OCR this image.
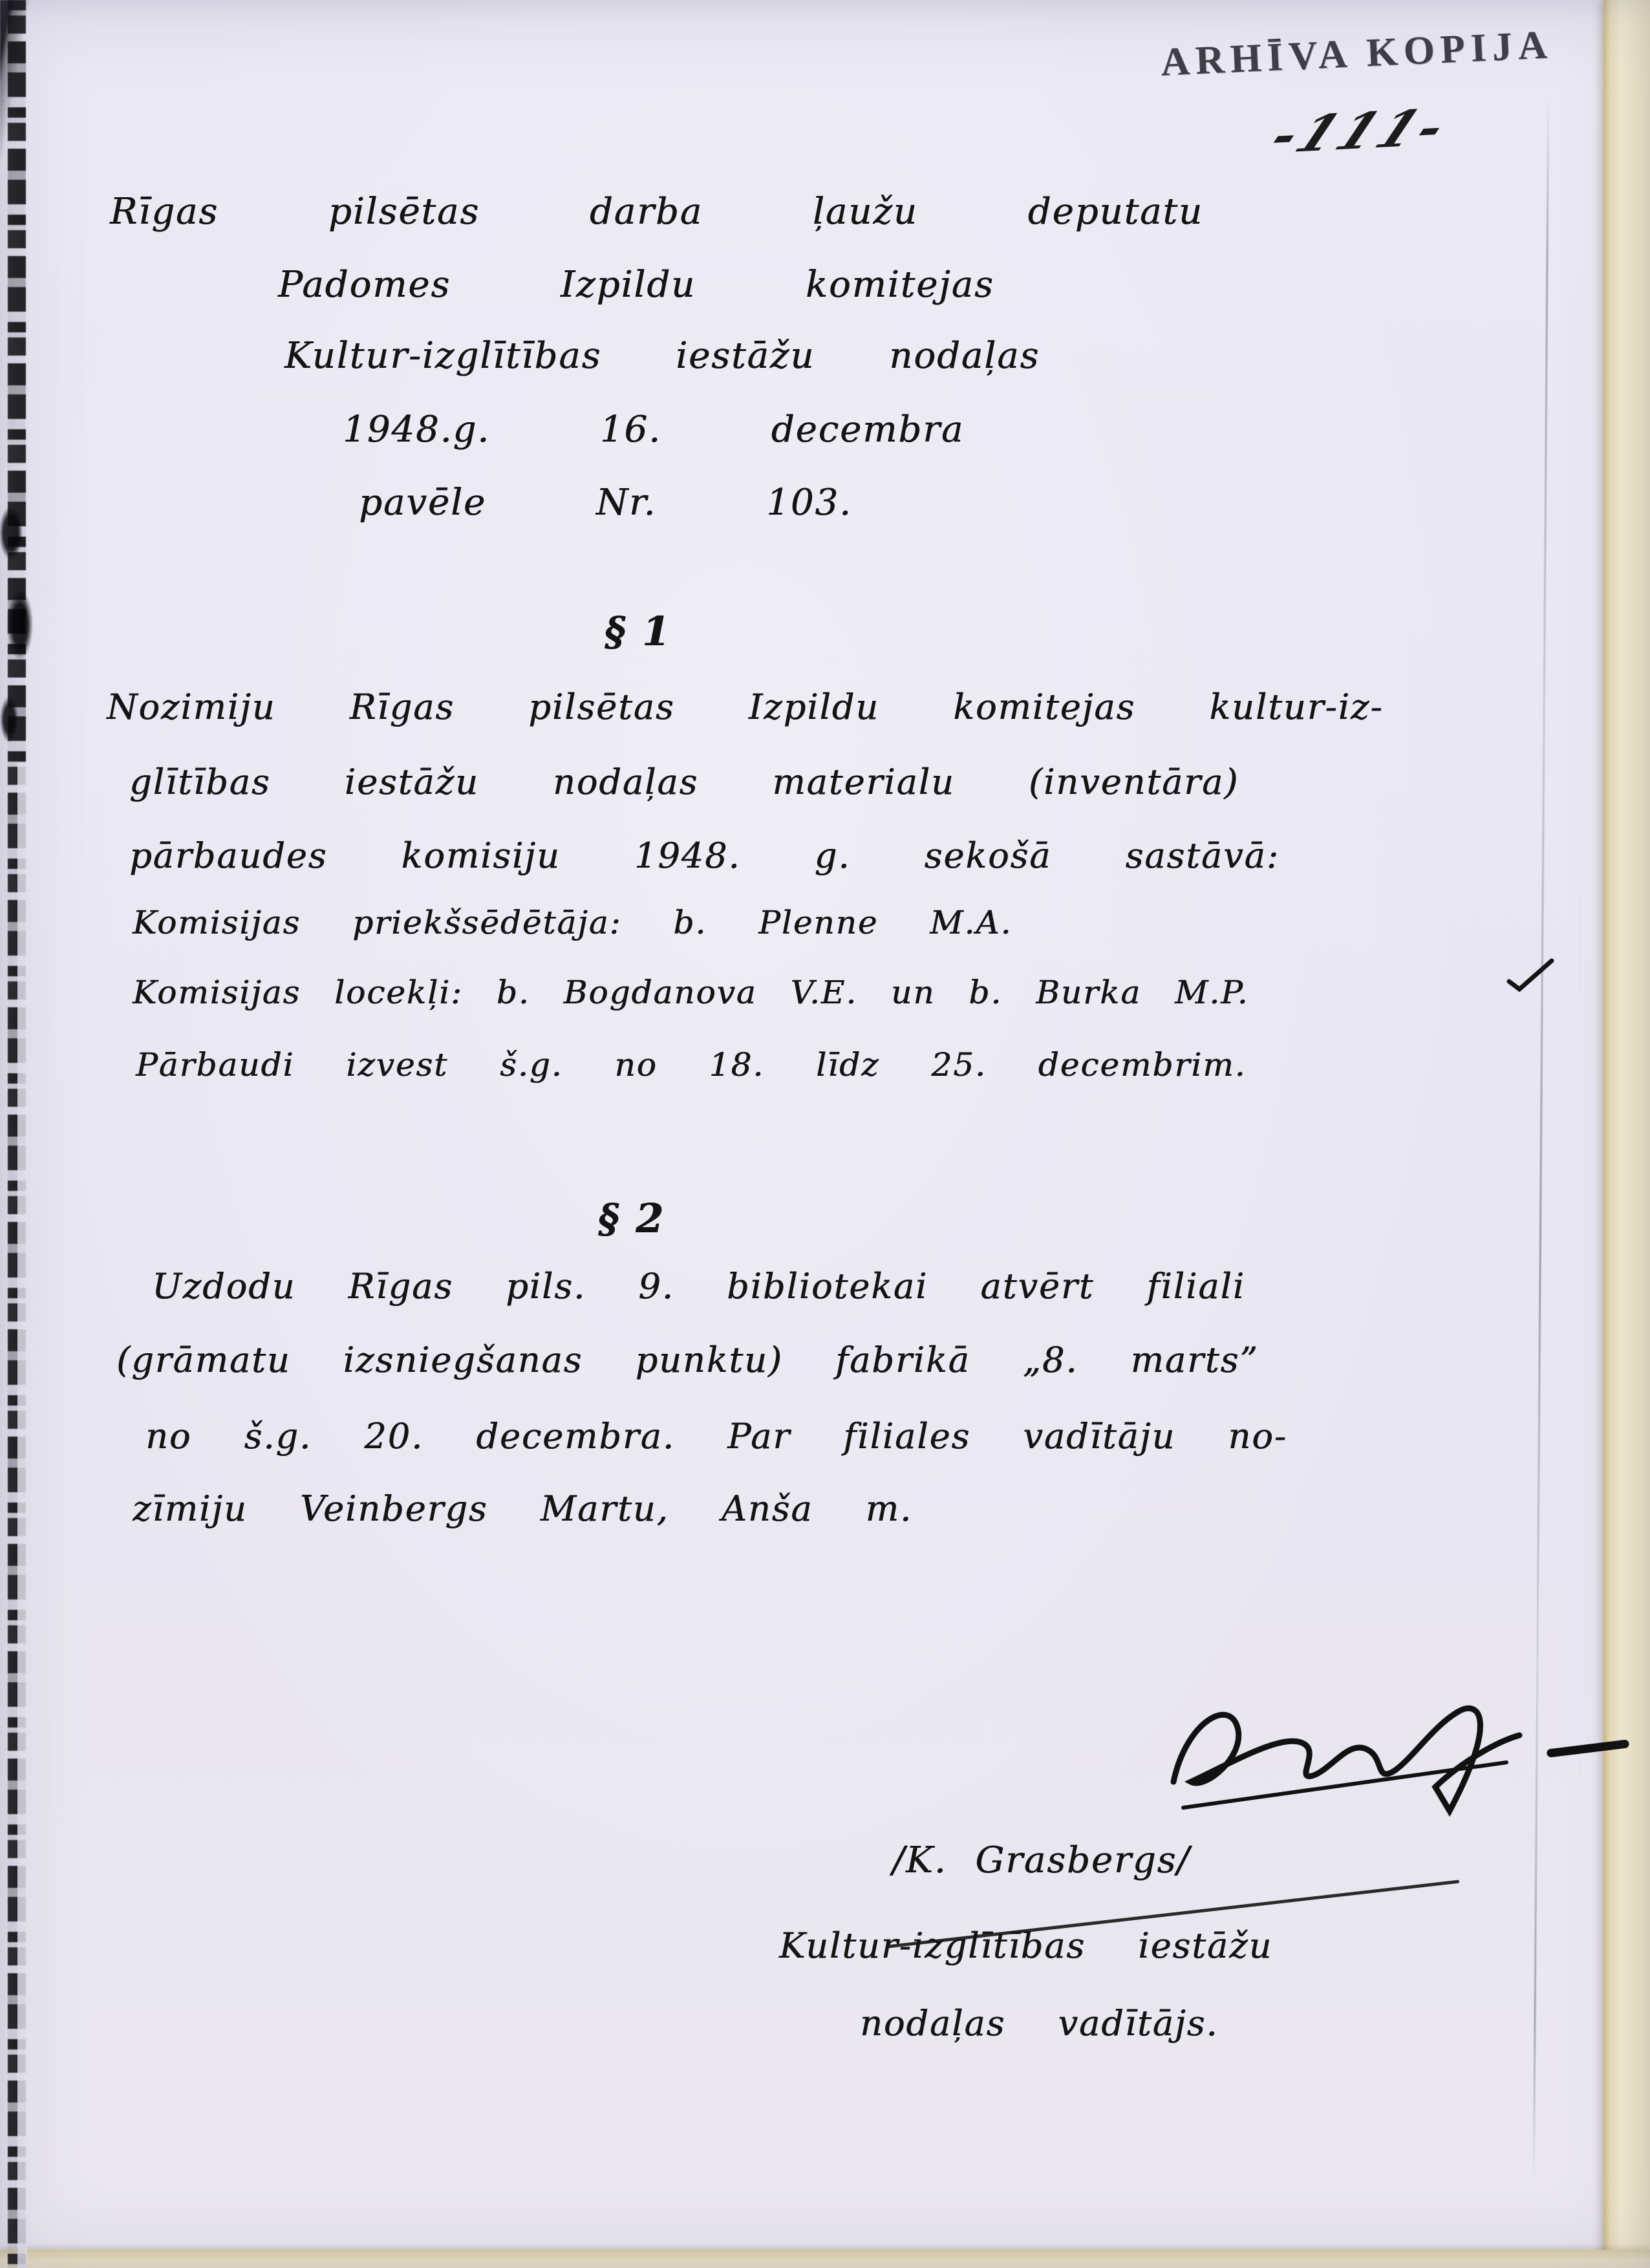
ARHĪVA KOPIJA
-111-
Rīgas pilsētas darba ļaužu deputatu
Padomes Izpildu komitejas
Kultur-izglītības iestāžu nodaļas
1948.g. 16. decembra
pavēle Nr. 103.
§ 1
Nozimiju Rīgas pilsētas Izpildu komitejas kultur-iz-
glītības iestāžu nodaļas materialu (inventāra)
pārbaudes komisiju 1948. g. sekošā sastāvā:
Komisijas priekšsēdētāja: b. Plenne M.A.
Komisijas locekļi: b. Bogdanova V.E. un b. Burka M.P.
Pārbaudi izvest š.g. no 18. līdz 25. decembrim.
§ 2
Uzdodu Rīgas pils. 9. bibliotekai atvērt filiali
(grāmatu izsniegšanas punktu) fabrikā „8. marts”
no š.g. 20. decembra. Par filiales vadītāju no-
zīmiju Veinbergs Martu, Anša m.
/K. Grasbergs/
Kultur-izglītības iestāžu
nodaļas vadītājs.
